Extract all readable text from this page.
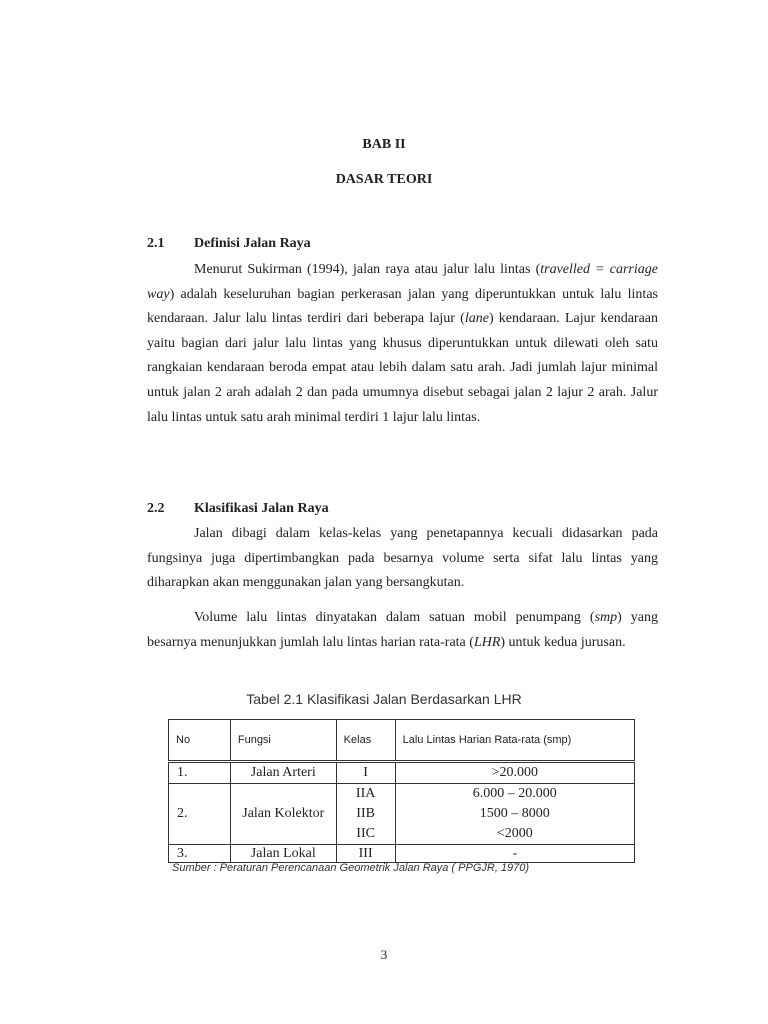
BAB II
DASAR TEORI
2.1 Definisi Jalan Raya

Menurut Sukirman (1994), jalan raya atau jalur lalu lintas (travelled = carriage way) adalah keseluruhan bagian perkerasan jalan yang diperuntukkan untuk lalu lintas kendaraan. Jalur lalu lintas terdiri dari beberapa lajur (lane) kendaraan. Lajur kendaraan yaitu bagian dari jalur lalu lintas yang khusus diperuntukkan untuk dilewati oleh satu rangkaian kendaraan beroda empat atau lebih dalam satu arah. Jadi jumlah lajur minimal untuk jalan 2 arah adalah 2 dan pada umumnya disebut sebagai jalan 2 lajur 2 arah. Jalur lalu lintas untuk satu arah minimal terdiri 1 lajur lalu lintas.

2.2 Klasifikasi Jalan Raya

Jalan dibagi dalam kelas-kelas yang penetapannya kecuali didasarkan pada fungsinya juga dipertimbangkan pada besarnya volume serta sifat lalu lintas yang diharapkan akan menggunakan jalan yang bersangkutan.

Volume lalu lintas dinyatakan dalam satuan mobil penumpang (smp) yang besarnya menunjukkan jumlah lalu lintas harian rata-rata (LHR) untuk kedua jurusan.

Tabel 2.1 Klasifikasi Jalan Berdasarkan LHR
No	Fungsi	Kelas	Lalu Lintas Harian Rata-rata (smp)
1.	Jalan Arteri	I	>20.000
2.	Jalan Kolektor	IIA	6.000 – 20.000
		IIB	1500 – 8000
		IIC	<2000
3.	Jalan Lokal	III	-
Sumber : Peraturan Perencanaan Geometrik Jalan Raya ( PPGJR, 1970)
3
